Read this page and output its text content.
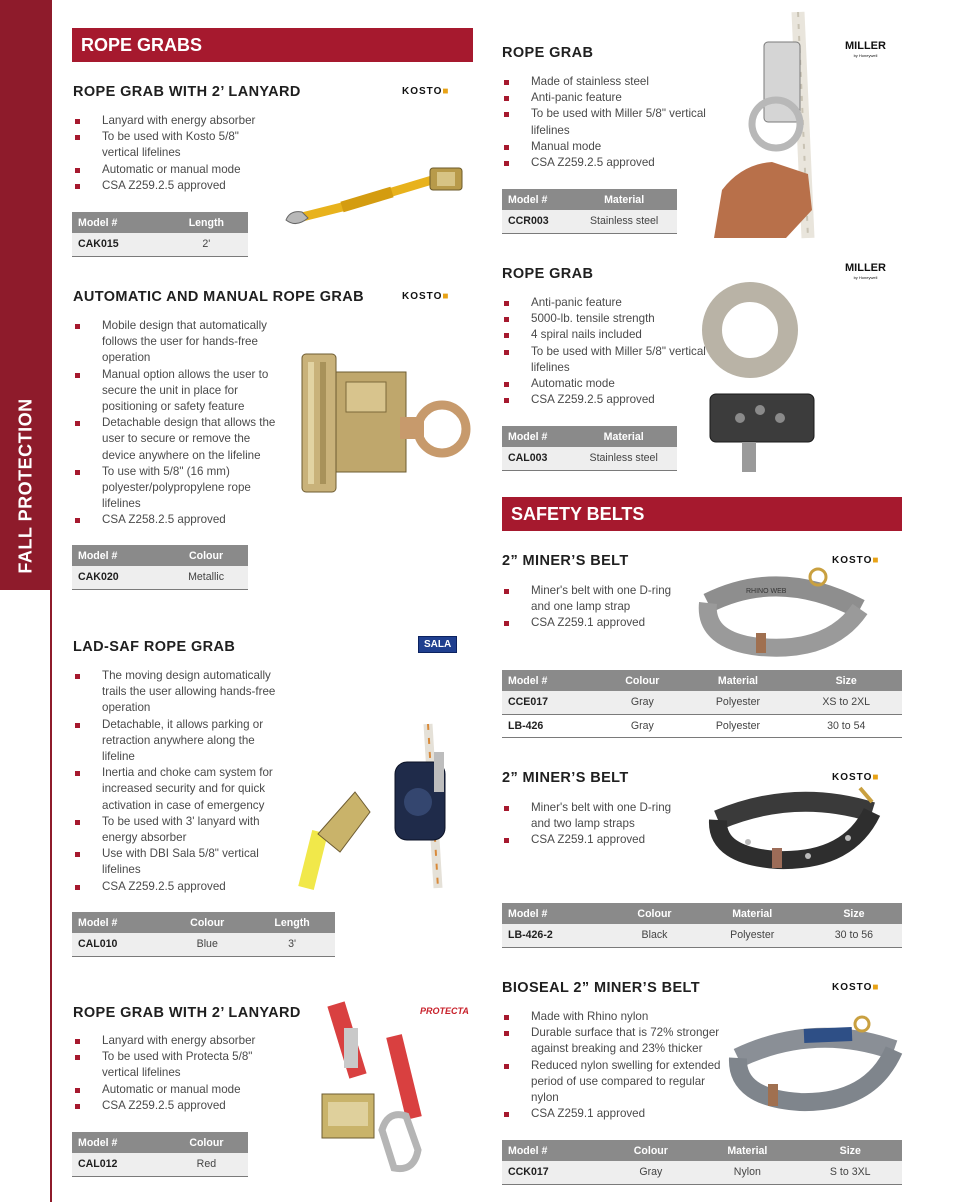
FALL PROTECTION
ROPE GRABS
SAFETY BELTS
ROPE GRAB WITH 2’ LANYARD	KOSTO■
Lanyard with energy absorber
To be used with Kosto 5/8" vertical lifelines
Automatic or manual mode
CSA Z259.2.5 approved
Model #	Length
CAK015	2'
AUTOMATIC AND MANUAL ROPE GRAB	KOSTO■
Mobile design that automatically follows the user for hands-free operation
Manual option allows the user to secure the unit in place for positioning or safety feature
Detachable design that allows the user to secure or remove the device anywhere on the lifeline
To use with 5/8" (16 mm) polyester/polypropylene rope lifelines
CSA Z258.2.5 approved
Model #	Colour
CAK020	Metallic
LAD-SAF ROPE GRAB	SALA
The moving design automatically trails the user allowing hands-free operation
Detachable, it allows parking or retraction anywhere along the lifeline
Inertia and choke cam system for increased security and for quick activation in case of emergency
To be used with 3' lanyard with energy absorber
Use with DBI Sala 5/8" vertical lifelines
CSA Z259.2.5 approved
Model #	Colour	Length
CAL010	Blue	3'
ROPE GRAB WITH 2’ LANYARD	PROTECTA
Lanyard with energy absorber
To be used with Protecta 5/8" vertical lifelines
Automatic or manual mode
CSA Z259.2.5 approved
Model #	Colour
CAL012	Red
ROPE GRAB	MILLER
by Honeywell
Made of stainless steel
Anti-panic feature
To be used with Miller 5/8" vertical lifelines
Manual mode
CSA Z259.2.5 approved
Model #	Material
CCR003	Stainless steel
ROPE GRAB	MILLER
by Honeywell
Anti-panic feature
5000-lb. tensile strength
4 spiral nails included
To be used with Miller 5/8" vertical lifelines
Automatic mode
CSA Z259.2.5 approved
Model #	Material
CAL003	Stainless steel
2” MINER’S BELT	KOSTO■
Miner's belt with one D-ring and one lamp strap
CSA Z259.1 approved
Model #	Colour	Material	Size
CCE017	Gray	Polyester	XS to 2XL
LB-426	Gray	Polyester	30 to 54
RHINO WEB
2” MINER’S BELT	KOSTO■
Miner's belt with one D-ring and two lamp straps
CSA Z259.1 approved
Model #	Colour	Material	Size
LB-426-2	Black	Polyester	30 to 56
BIOSEAL 2” MINER’S BELT	KOSTO■
Made with Rhino nylon
Durable surface that is 72% stronger against breaking and 23% thicker
Reduced nylon swelling for extended period of use compared to regular nylon
CSA Z259.1 approved
Model #	Colour	Material	Size
CCK017	Gray	Nylon	S to 3XL
